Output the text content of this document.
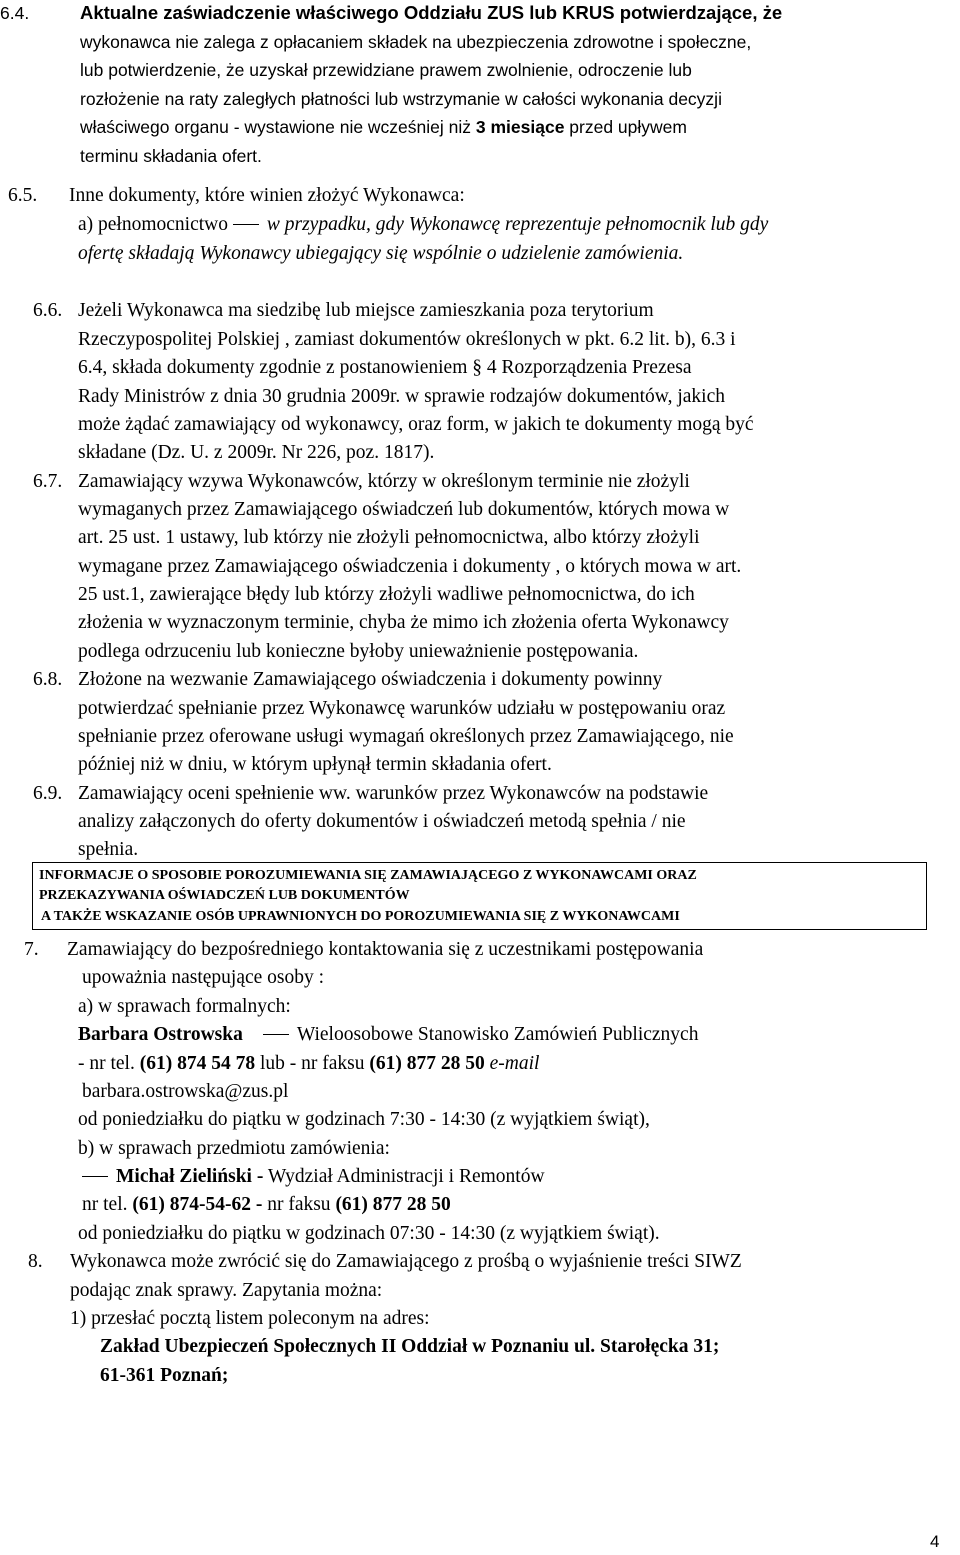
6.4.	Aktualne zaświadczenie właściwego Oddziału ZUS lub KRUS potwierdzające, że
wykonawca nie zalega z opłacaniem składek na ubezpieczenia zdrowotne i społeczne,
lub potwierdzenie, że uzyskał przewidziane prawem zwolnienie, odroczenie lub
rozłożenie na raty zaległych płatności lub wstrzymanie w całości wykonania decyzji
właściwego organu - wystawione nie wcześniej niż 3 miesiące przed upływem
terminu składania ofert.
6.5. Inne dokumenty, które winien złożyć Wykonawca:
a) pełnomocnictwo w przypadku, gdy Wykonawcę reprezentuje pełnomocnik lub gdy
ofertę składają Wykonawcy ubiegający się wspólnie o udzielenie zamówienia.
6.6. Jeżeli Wykonawca ma siedzibę lub miejsce zamieszkania poza terytorium
Rzeczypospolitej Polskiej , zamiast dokumentów określonych w pkt. 6.2 lit. b), 6.3 i
6.4, składa dokumenty zgodnie z postanowieniem § 4 Rozporządzenia Prezesa
Rady Ministrów z dnia 30 grudnia 2009r. w sprawie rodzajów dokumentów, jakich
może żądać zamawiający od wykonawcy, oraz form, w jakich te dokumenty mogą być
składane (Dz. U. z 2009r. Nr 226, poz. 1817).
6.7. Zamawiający wzywa Wykonawców, którzy w określonym terminie nie złożyli
wymaganych przez Zamawiającego oświadczeń lub dokumentów, których mowa w
art. 25 ust. 1 ustawy, lub którzy nie złożyli pełnomocnictwa, albo którzy złożyli
wymagane przez Zamawiającego oświadczenia i dokumenty , o których mowa w art.
25 ust.1, zawierające błędy lub którzy złożyli wadliwe pełnomocnictwa, do ich
złożenia w wyznaczonym terminie, chyba że mimo ich złożenia oferta Wykonawcy
podlega odrzuceniu lub konieczne byłoby unieważnienie postępowania.
6.8. Złożone na wezwanie Zamawiającego oświadczenia i dokumenty powinny
potwierdzać spełnianie przez Wykonawcę warunków udziału w postępowaniu oraz
spełnianie przez oferowane usługi wymagań określonych przez Zamawiającego, nie
później niż w dniu, w którym upłynął termin składania ofert.
6.9. Zamawiający oceni spełnienie ww. warunków przez Wykonawców na podstawie
analizy załączonych do oferty dokumentów i oświadczeń metodą spełnia / nie
spełnia.
INFORMACJE O SPOSOBIE POROZUMIEWANIA SIĘ ZAMAWIAJĄCEGO Z WYKONAWCAMI ORAZ
PRZEKAZYWANIA OŚWIADCZEŃ LUB DOKUMENTÓW
A TAKŻE WSKAZANIE OSÓB UPRAWNIONYCH DO POROZUMIEWANIA SIĘ Z WYKONAWCAMI
7. Zamawiający do bezpośredniego kontaktowania się z uczestnikami postępowania
upoważnia następujące osoby :
a) w sprawach formalnych:
Barbara Ostrowska	Wieloosobowe Stanowisko Zamówień Publicznych
- nr tel. (61) 874 54 78 lub - nr faksu (61) 877 28 50 e-mail
barbara.ostrowska@zus.pl
od poniedziałku do piątku w godzinach 7:30 - 14:30 (z wyjątkiem świąt),
b) w sprawach przedmiotu zamówienia:
Michał Zieliński - Wydział Administracji i Remontów
nr tel. (61) 874-54-62 - nr faksu (61) 877 28 50
od poniedziałku do piątku w godzinach 07:30 - 14:30 (z wyjątkiem świąt).
8. Wykonawca może zwrócić się do Zamawiającego z prośbą o wyjaśnienie treści SIWZ
podając znak sprawy. Zapytania można:
1) przesłać pocztą listem poleconym na adres:
Zakład Ubezpieczeń Społecznych II Oddział w Poznaniu ul. Starołęcka 31;
61-361 Poznań;
4
